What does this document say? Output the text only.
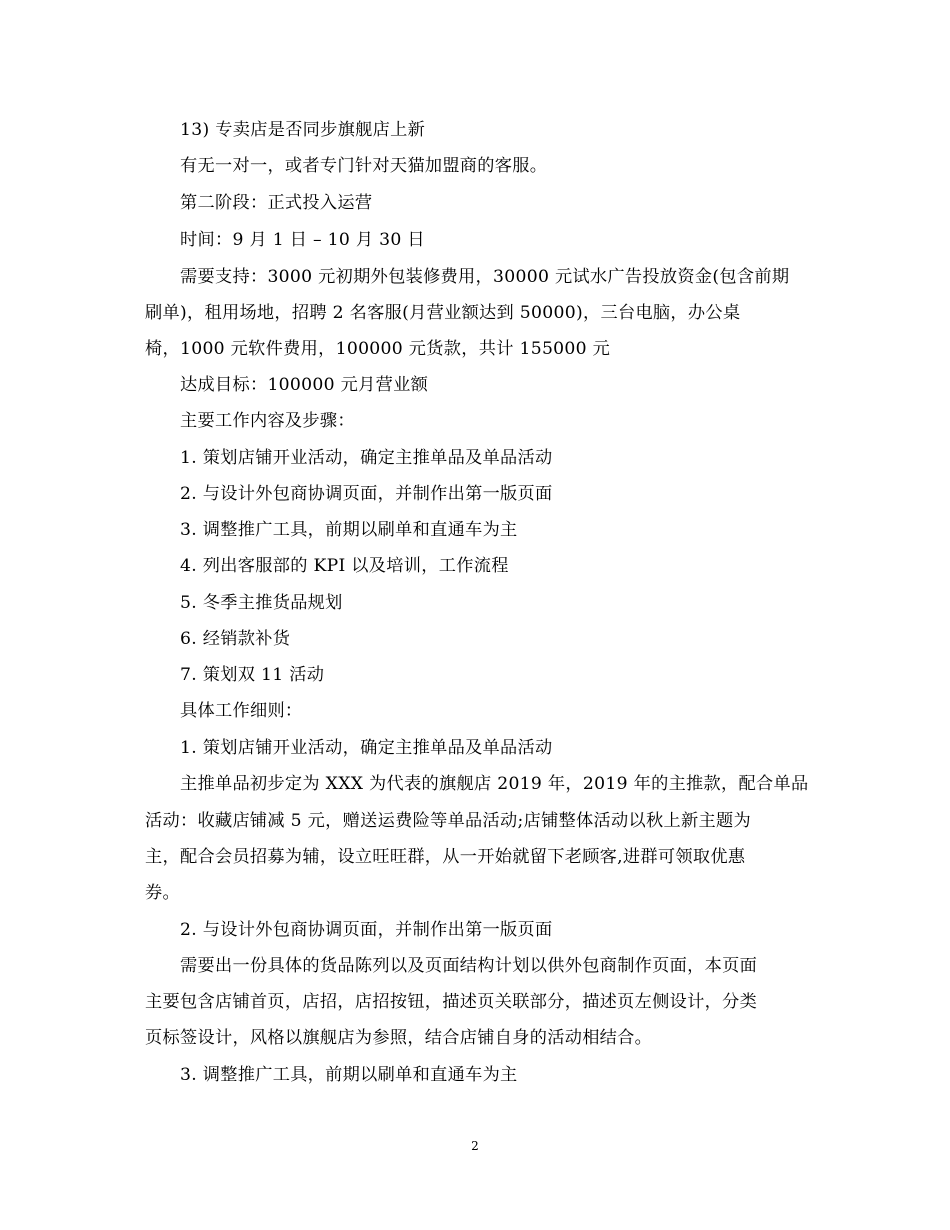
13) 专卖店是否同步旗舰店上新
有无一对一，或者专门针对天猫加盟商的客服。
第二阶段：正式投入运营
时间：9 月 1 日 – 10 月 30 日
需要支持：3000 元初期外包装修费用，30000 元试水广告投放资金(包含前期
刷单)，租用场地，招聘 2 名客服(月营业额达到 50000)，三台电脑，办公桌
椅，1000 元软件费用，100000 元货款，共计 155000 元
达成目标：100000 元月营业额
主要工作内容及步骤：
1. 策划店铺开业活动，确定主推单品及单品活动
2. 与设计外包商协调页面，并制作出第一版页面
3. 调整推广工具，前期以刷单和直通车为主
4. 列出客服部的 KPI 以及培训，工作流程
5. 冬季主推货品规划
6. 经销款补货
7. 策划双 11 活动
具体工作细则：
1. 策划店铺开业活动，确定主推单品及单品活动
主推单品初步定为 XXX 为代表的旗舰店 2019 年，2019 年的主推款，配合单品
活动：收藏店铺减 5 元，赠送运费险等单品活动;店铺整体活动以秋上新主题为
主，配合会员招募为辅，设立旺旺群，从一开始就留下老顾客,进群可领取优惠
券。
2. 与设计外包商协调页面，并制作出第一版页面
需要出一份具体的货品陈列以及页面结构计划以供外包商制作页面，本页面
主要包含店铺首页，店招，店招按钮，描述页关联部分，描述页左侧设计，分类
页标签设计，风格以旗舰店为参照，结合店铺自身的活动相结合。
3. 调整推广工具，前期以刷单和直通车为主
2
